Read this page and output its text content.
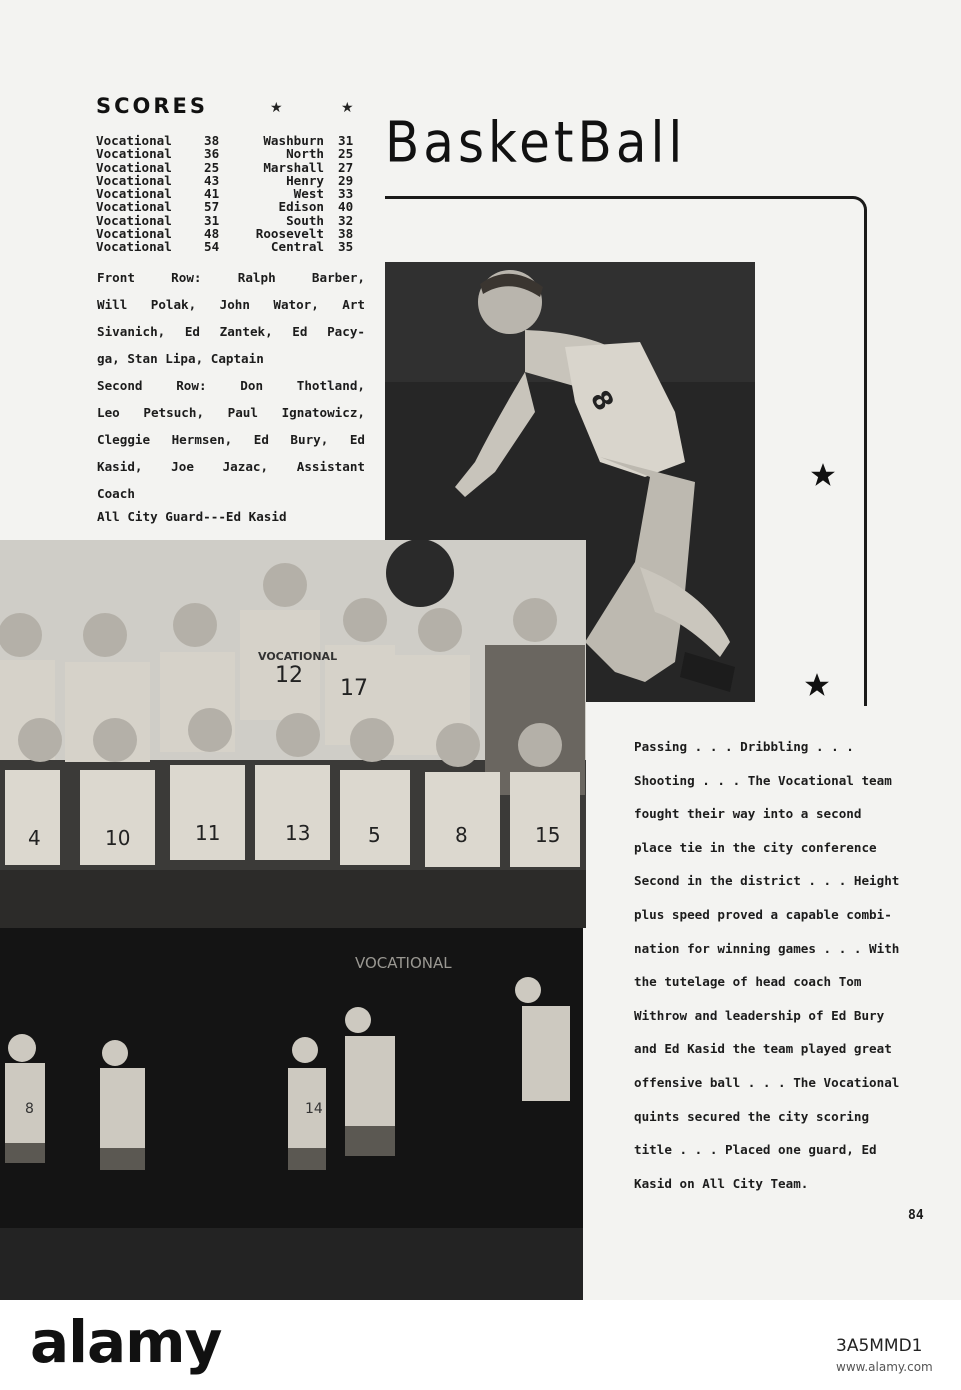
SCORES	★	★
Vocational	38	Washburn 31
Vocational	36	North 25
Vocational	25	Marshall 27
Vocational	43	Henry 29
Vocational	41	West 33
Vocational	57	Edison 40
Vocational	31	South 32
Vocational	48	Roosevelt 38
Vocational	54	Central 35

Front Row: Ralph Barber,

Will Polak, John Wator, Art

Sivanich, Ed Zantek, Ed Pacy-

ga, Stan Lipa, Captain

Second Row: Don Thotland,

Leo Petsuch, Paul Ignatowicz,

Cleggie Hermsen, Ed Bury, Ed

Kasid, Joe Jazac, Assistant

Coach

All City Guard---Ed Kasid
BasketBall
8
VOCATIONAL
12
17
4	10	11	13	5	8	15
VOCATIONAL
8	14

Passing . . . Dribbling . . .

Shooting . . . The Vocational team

fought their way into a second

place tie in the city conference

Second in the district . . . Height

plus speed proved a capable combi-

nation for winning games . . . With

the tutelage of head coach Tom

Withrow and leadership of Ed Bury

and Ed Kasid the team played great

offensive ball . . . The Vocational

quints secured the city scoring

title . . . Placed one guard, Ed

Kasid on All City Team.

84
alamy	3A5MMD1
www.alamy.com
